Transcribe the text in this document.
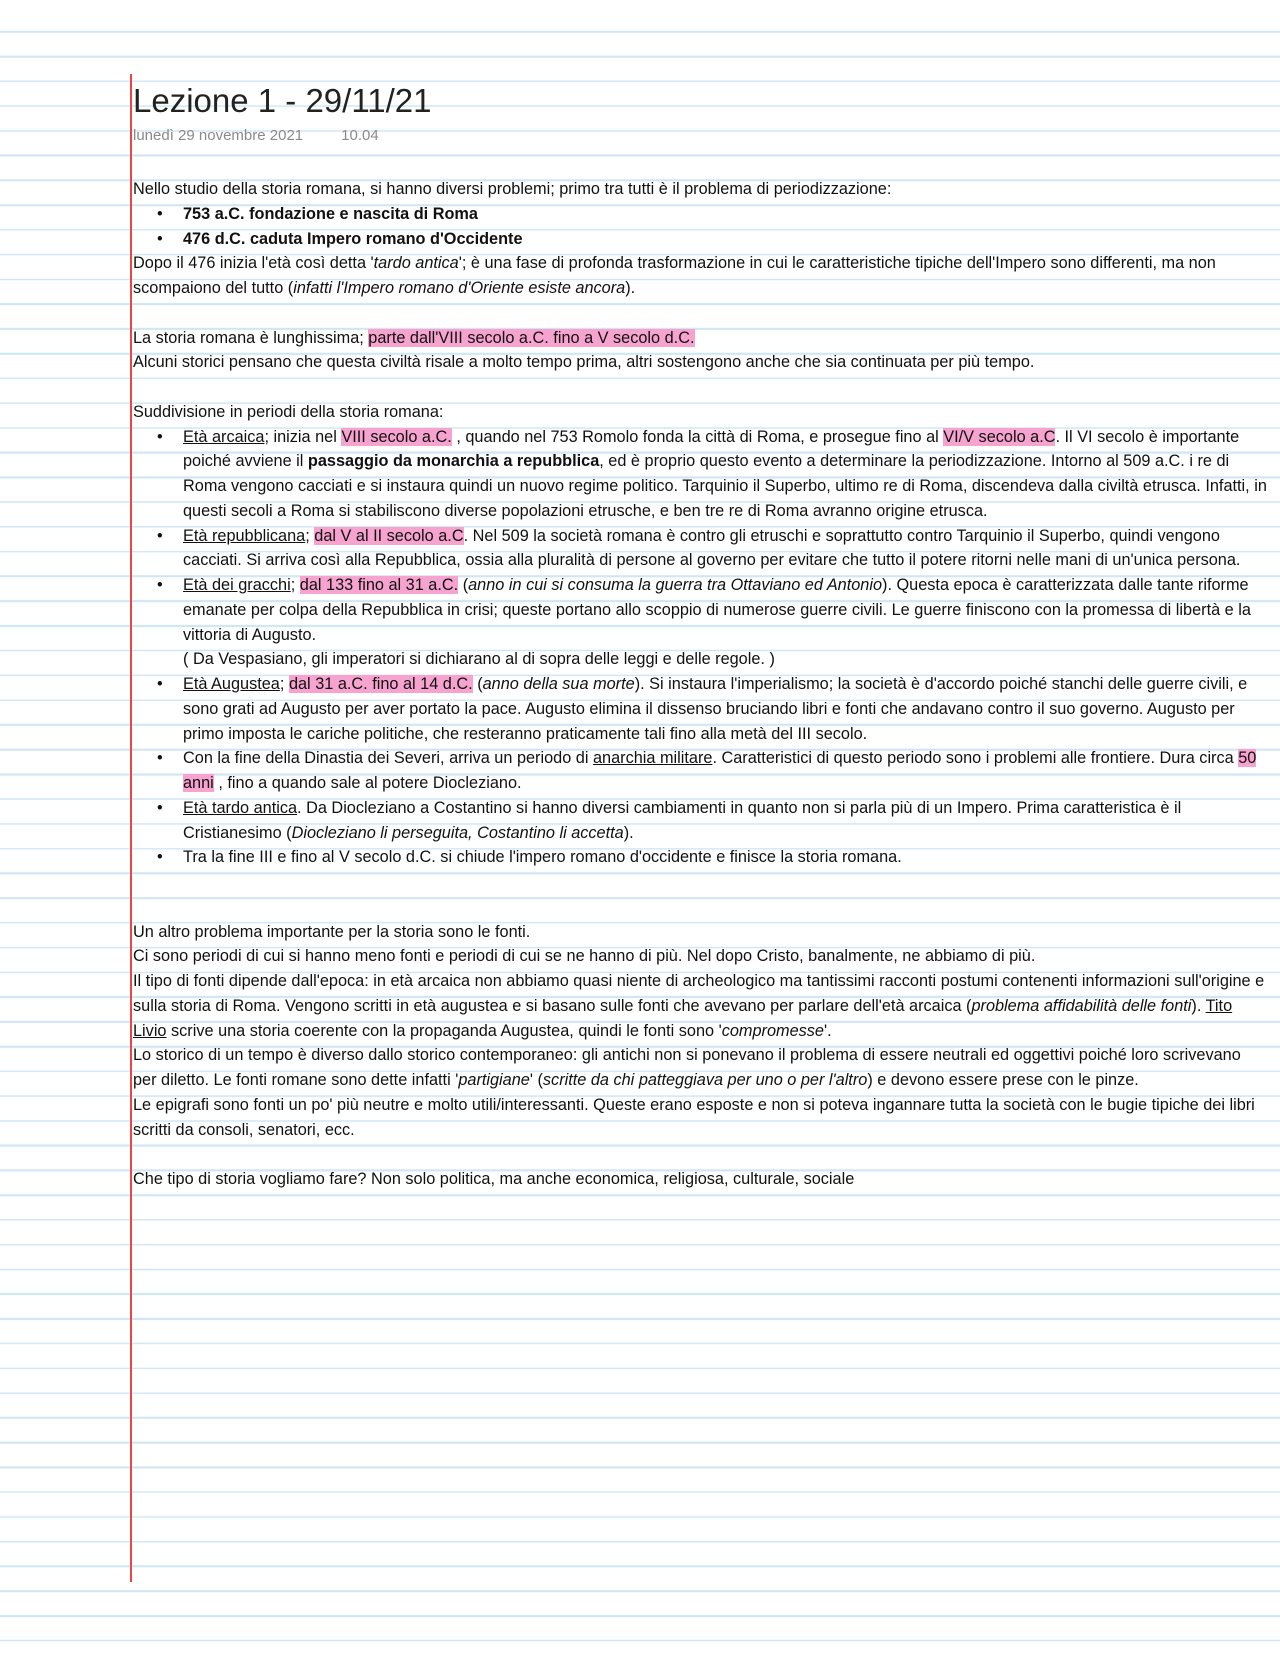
Lezione 1 - 29/11/21
lunedì 29 novembre 2021	10.04

Nello studio della storia romana, si hanno diversi problemi; primo tra tutti è il problema di periodizzazione:

• 753 a.C. fondazione e nascita di Roma
• 476 d.C. caduta Impero romano d'Occidente

Dopo il 476 inizia l'età così detta 'tardo antica'; è una fase di profonda trasformazione in cui le caratteristiche tipiche dell'Impero sono differenti, ma non scompaiono del tutto (infatti l'Impero romano d'Oriente esiste ancora).

La storia romana è lunghissima; parte dall'VIII secolo a.C. fino a V secolo d.C.

Alcuni storici pensano che questa civiltà risale a molto tempo prima, altri sostengono anche che sia continuata per più tempo.

Suddivisione in periodi della storia romana:

• Età arcaica; inizia nel VIII secolo a.C. , quando nel 753 Romolo fonda la città di Roma, e prosegue fino al VI/V secolo a.C. Il VI secolo è importante poiché avviene il passaggio da monarchia a repubblica, ed è proprio questo evento a determinare la periodizzazione. Intorno al 509 a.C. i re di Roma vengono cacciati e si instaura quindi un nuovo regime politico. Tarquinio il Superbo, ultimo re di Roma, discendeva dalla civiltà etrusca. Infatti, in questi secoli a Roma si stabiliscono diverse popolazioni etrusche, e ben tre re di Roma avranno origine etrusca.
• Età repubblicana; dal V al II secolo a.C. Nel 509 la società romana è contro gli etruschi e soprattutto contro Tarquinio il Superbo, quindi vengono cacciati. Si arriva così alla Repubblica, ossia alla pluralità di persone al governo per evitare che tutto il potere ritorni nelle mani di un'unica persona.
• Età dei gracchi; dal 133 fino al 31 a.C. (anno in cui si consuma la guerra tra Ottaviano ed Antonio). Questa epoca è caratterizzata dalle tante riforme emanate per colpa della Repubblica in crisi; queste portano allo scoppio di numerose guerre civili. Le guerre finiscono con la promessa di libertà e la vittoria di Augusto.
( Da Vespasiano, gli imperatori si dichiarano al di sopra delle leggi e delle regole. )
• Età Augustea; dal 31 a.C. fino al 14 d.C. (anno della sua morte). Si instaura l'imperialismo; la società è d'accordo poiché stanchi delle guerre civili, e sono grati ad Augusto per aver portato la pace. Augusto elimina il dissenso bruciando libri e fonti che andavano contro il suo governo. Augusto per primo imposta le cariche politiche, che resteranno praticamente tali fino alla metà del III secolo.
• Con la fine della Dinastia dei Severi, arriva un periodo di anarchia militare. Caratteristici di questo periodo sono i problemi alle frontiere. Dura circa 50 anni , fino a quando sale al potere Diocleziano.
• Età tardo antica. Da Diocleziano a Costantino si hanno diversi cambiamenti in quanto non si parla più di un Impero. Prima caratteristica è il Cristianesimo (Diocleziano li perseguita, Costantino li accetta).
• Tra la fine III e fino al V secolo d.C. si chiude l'impero romano d'occidente e finisce la storia romana.

Un altro problema importante per la storia sono le fonti.

Ci sono periodi di cui si hanno meno fonti e periodi di cui se ne hanno di più. Nel dopo Cristo, banalmente, ne abbiamo di più.

Il tipo di fonti dipende dall'epoca: in età arcaica non abbiamo quasi niente di archeologico ma tantissimi racconti postumi contenenti informazioni sull'origine e sulla storia di Roma. Vengono scritti in età augustea e si basano sulle fonti che avevano per parlare dell'età arcaica (problema affidabilità delle fonti). Tito Livio scrive una storia coerente con la propaganda Augustea, quindi le fonti sono 'compromesse'.

Lo storico di un tempo è diverso dallo storico contemporaneo: gli antichi non si ponevano il problema di essere neutrali ed oggettivi poiché loro scrivevano per diletto. Le fonti romane sono dette infatti 'partigiane' (scritte da chi patteggiava per uno o per l'altro) e devono essere prese con le pinze.

Le epigrafi sono fonti un po' più neutre e molto utili/interessanti. Queste erano esposte e non si poteva ingannare tutta la società con le bugie tipiche dei libri scritti da consoli, senatori, ecc.

Che tipo di storia vogliamo fare? Non solo politica, ma anche economica, religiosa, culturale, sociale
